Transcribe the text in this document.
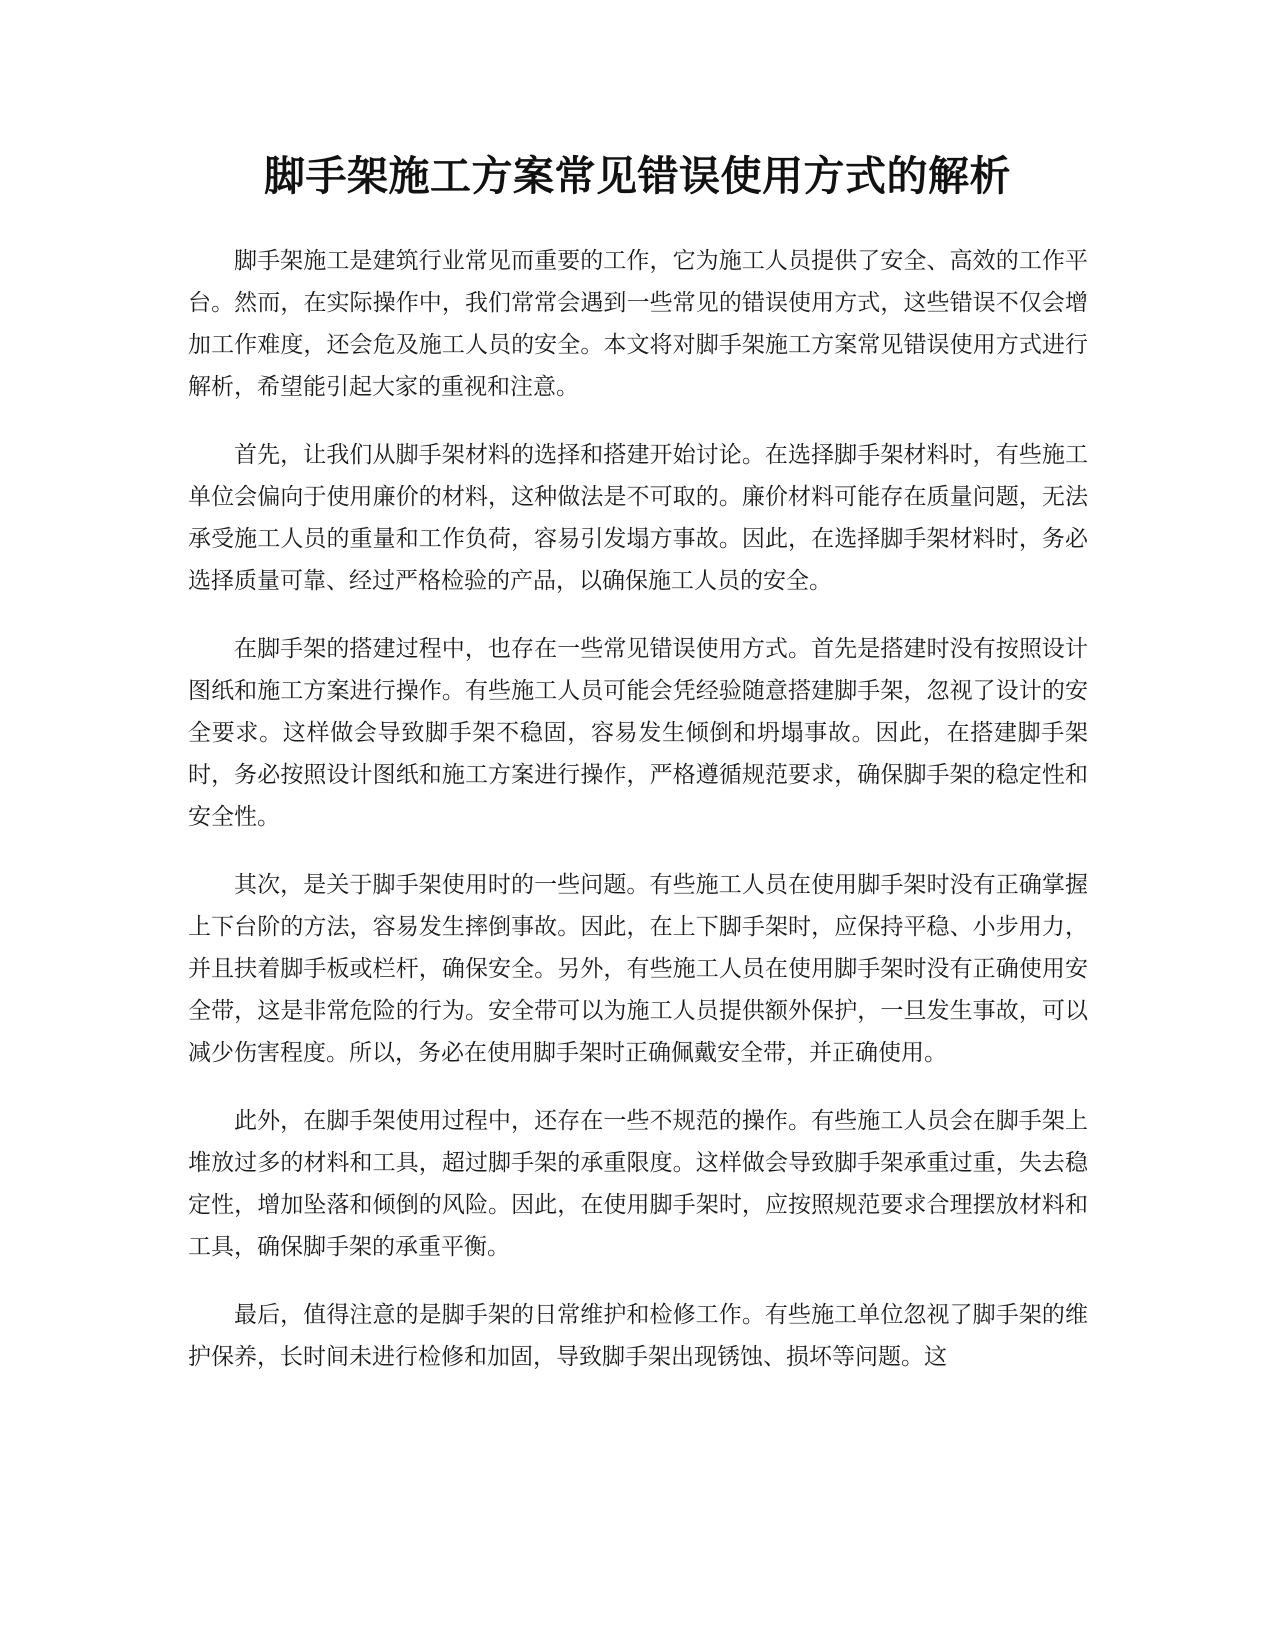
脚手架施工方案常见错误使用方式的解析

脚手架施工是建筑行业常见而重要的工作，它为施工人员提供了安全、高效的工作平台。然而，在实际操作中，我们常常会遇到一些常见的错误使用方式，这些错误不仅会增加工作难度，还会危及施工人员的安全。本文将对脚手架施工方案常见错误使用方式进行解析，希望能引起大家的重视和注意。

首先，让我们从脚手架材料的选择和搭建开始讨论。在选择脚手架材料时，有些施工单位会偏向于使用廉价的材料，这种做法是不可取的。廉价材料可能存在质量问题，无法承受施工人员的重量和工作负荷，容易引发塌方事故。因此，在选择脚手架材料时，务必选择质量可靠、经过严格检验的产品，以确保施工人员的安全。

在脚手架的搭建过程中，也存在一些常见错误使用方式。首先是搭建时没有按照设计图纸和施工方案进行操作。有些施工人员可能会凭经验随意搭建脚手架，忽视了设计的安全要求。这样做会导致脚手架不稳固，容易发生倾倒和坍塌事故。因此，在搭建脚手架时，务必按照设计图纸和施工方案进行操作，严格遵循规范要求，确保脚手架的稳定性和安全性。

其次，是关于脚手架使用时的一些问题。有些施工人员在使用脚手架时没有正确掌握上下台阶的方法，容易发生摔倒事故。因此，在上下脚手架时，应保持平稳、小步用力，并且扶着脚手板或栏杆，确保安全。另外，有些施工人员在使用脚手架时没有正确使用安全带，这是非常危险的行为。安全带可以为施工人员提供额外保护，一旦发生事故，可以减少伤害程度。所以，务必在使用脚手架时正确佩戴安全带，并正确使用。

此外，在脚手架使用过程中，还存在一些不规范的操作。有些施工人员会在脚手架上堆放过多的材料和工具，超过脚手架的承重限度。这样做会导致脚手架承重过重，失去稳定性，增加坠落和倾倒的风险。因此，在使用脚手架时，应按照规范要求合理摆放材料和工具，确保脚手架的承重平衡。

最后，值得注意的是脚手架的日常维护和检修工作。有些施工单位忽视了脚手架的维护保养，长时间未进行检修和加固，导致脚手架出现锈蚀、损坏等问题。这
